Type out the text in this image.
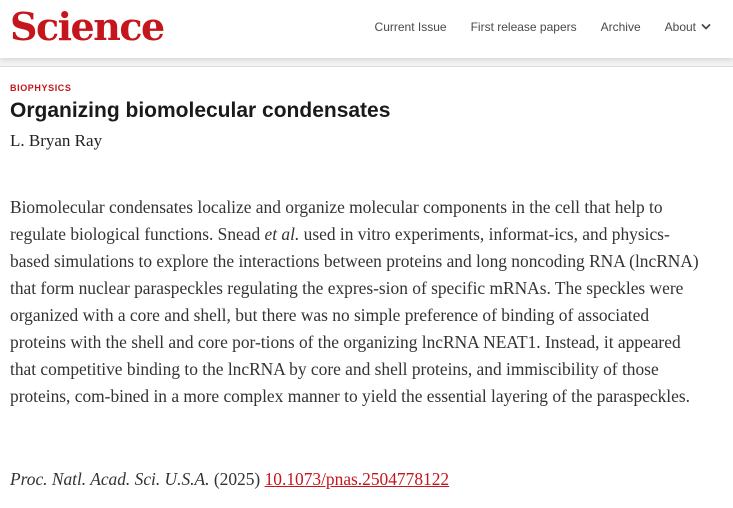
Science	Current Issue First release papers Archive About
BIOPHYSICS
Organizing biomolecular condensates
L. Bryan Ray

Biomolecular condensates localize and organize molecular components in the cell that help to regulate biological functions. Snead et al. used in vitro experiments, informat-ics, and physics-based simulations to explore the interactions between proteins and long noncoding RNA (lncRNA) that form nuclear paraspeckles regulating the expres-sion of specific mRNAs. The speckles were organized with a core and shell, but there was no simple preference of binding of associated proteins with the shell and core por-tions of the organizing lncRNA NEAT1. Instead, it appeared that competitive binding to the lncRNA by core and shell proteins, and immiscibility of those proteins, com-bined in a more complex manner to yield the essential layering of the paraspeckles.

Proc. Natl. Acad. Sci. U.S.A. (2025) 10.1073/pnas.2504778122
